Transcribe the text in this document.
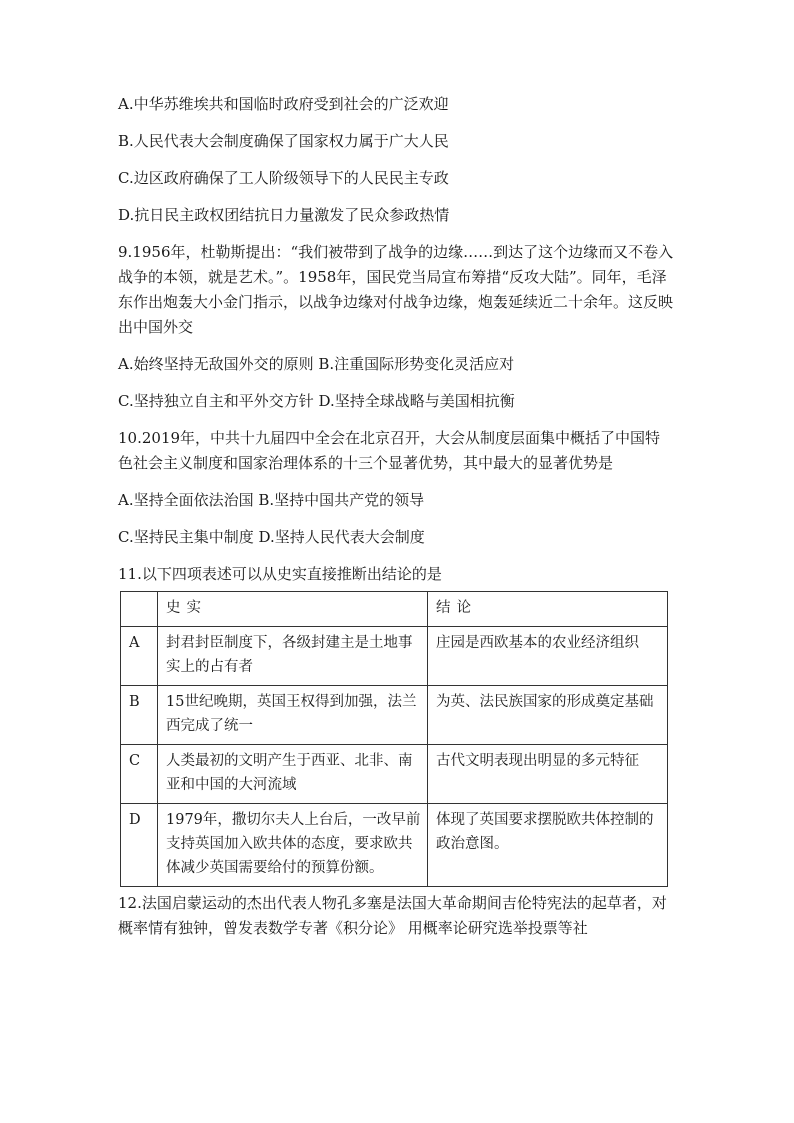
A.中华苏维埃共和国临时政府受到社会的广泛欢迎

B.人民代表大会制度确保了国家权力属于广大人民

C.边区政府确保了工人阶级领导下的人民民主专政

D.抗日民主政权团结抗日力量激发了民众参政热情

9.1956年，杜勒斯提出：“我们被带到了战争的边缘……到达了这个边缘而又不卷入战争的本领，就是艺术。”。1958年，国民党当局宣布筹措“反攻大陆”。同年，毛泽东作出炮轰大小金门指示，以战争边缘对付战争边缘，炮轰延续近二十余年。这反映出中国外交

A.始终坚持无敌国外交的原则 B.注重国际形势变化灵活应对

C.坚持独立自主和平外交方针 D.坚持全球战略与美国相抗衡

10.2019年，中共十九届四中全会在北京召开，大会从制度层面集中概括了中国特色社会主义制度和国家治理体系的十三个显著优势，其中最大的显著优势是

A.坚持全面依法治国 B.坚持中国共产党的领导

C.坚持民主集中制度 D.坚持人民代表大会制度

11.以下四项表述可以从史实直接推断出结论的是

	史实	结论
A	封君封臣制度下，各级封建主是土地事实上的占有者	庄园是西欧基本的农业经济组织
B	15世纪晚期，英国王权得到加强，法兰西完成了统一	为英、法民族国家的形成奠定基础
C	人类最初的文明产生于西亚、北非、南亚和中国的大河流域	古代文明表现出明显的多元特征
D	1979年，撒切尔夫人上台后，一改早前支持英国加入欧共体的态度，要求欧共体减少英国需要给付的预算份额。	体现了英国要求摆脱欧共体控制的政治意图。

12.法国启蒙运动的杰出代表人物孔多塞是法国大革命期间吉伦特宪法的起草者，对概率情有独钟，曾发表数学专著《积分论》 用概率论研究选举投票等社
